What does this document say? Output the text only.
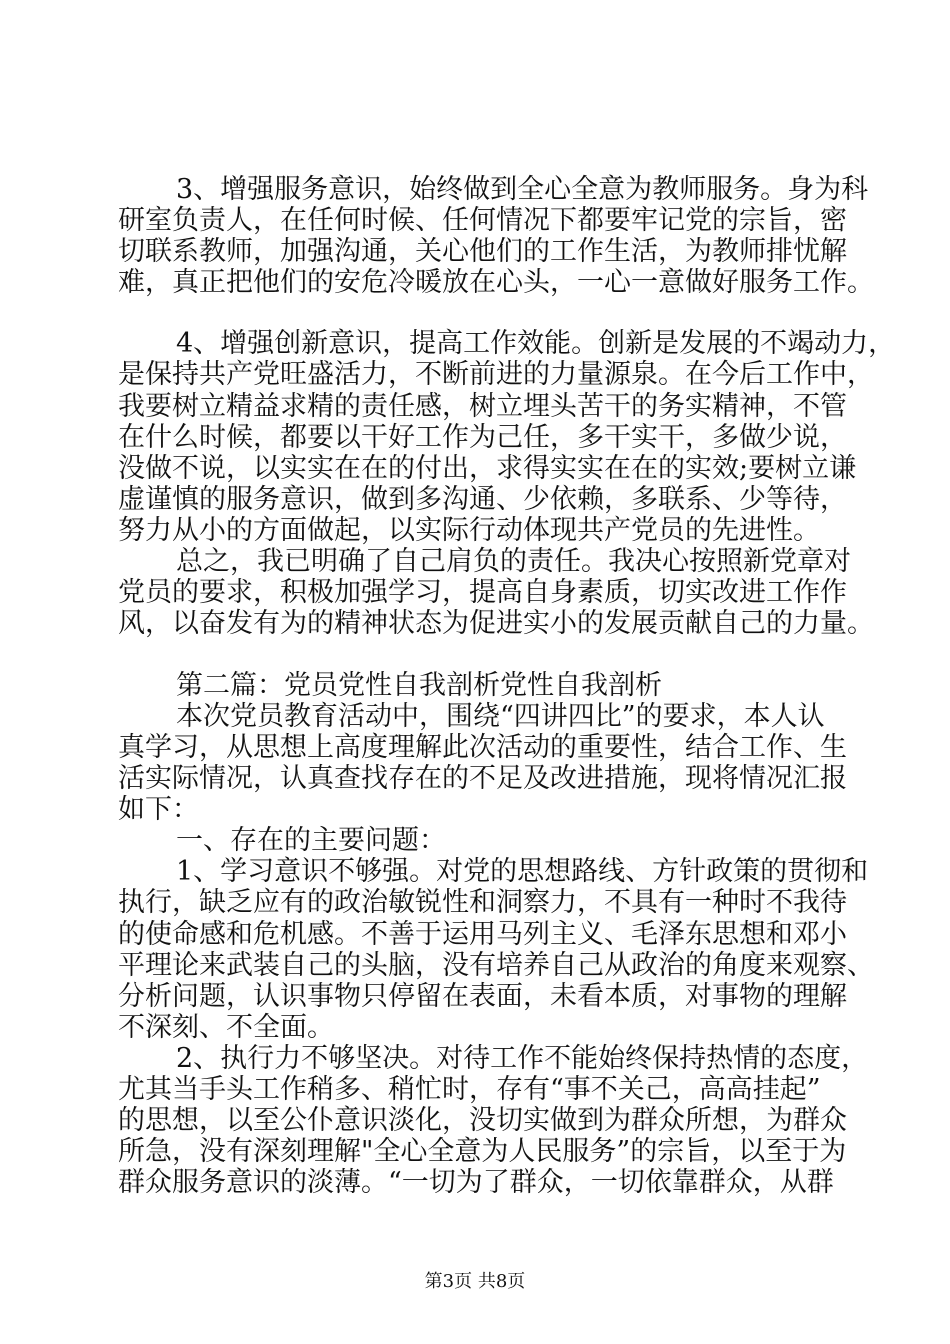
3、增强服务意识，始终做到全心全意为教师服务。身为科
研室负责人，在任何时候、任何情况下都要牢记党的宗旨，密
切联系教师，加强沟通，关心他们的工作生活，为教师排忧解
难，真正把他们的安危冷暖放在心头，一心一意做好服务工作。
4、增强创新意识，提高工作效能。创新是发展的不竭动力，
是保持共产党旺盛活力，不断前进的力量源泉。在今后工作中，
我要树立精益求精的责任感，树立埋头苦干的务实精神，不管
在什么时候，都要以干好工作为己任，多干实干，多做少说，
没做不说，以实实在在的付出，求得实实在在的实效;要树立谦
虚谨慎的服务意识，做到多沟通、少依赖，多联系、少等待，
努力从小的方面做起，以实际行动体现共产党员的先进性。
总之，我已明确了自己肩负的责任。我决心按照新党章对
党员的要求，积极加强学习，提高自身素质，切实改进工作作
风，以奋发有为的精神状态为促进实小的发展贡献自己的力量。
第二篇：党员党性自我剖析党性自我剖析
本次党员教育活动中，围绕“四讲四比”的要求，本人认
真学习，从思想上高度理解此次活动的重要性，结合工作、生
活实际情况，认真查找存在的不足及改进措施，现将情况汇报
如下：
一、存在的主要问题：
1、学习意识不够强。对党的思想路线、方针政策的贯彻和
执行，缺乏应有的政治敏锐性和洞察力，不具有一种时不我待
的使命感和危机感。不善于运用马列主义、毛泽东思想和邓小
平理论来武装自己的头脑，没有培养自己从政治的角度来观察、
分析问题，认识事物只停留在表面，未看本质，对事物的理解
不深刻、不全面。
2、执行力不够坚决。对待工作不能始终保持热情的态度，
尤其当手头工作稍多、稍忙时，存有“事不关己，高高挂起”
的思想，以至公仆意识淡化，没切实做到为群众所想，为群众
所急，没有深刻理解"全心全意为人民服务”的宗旨，以至于为
群众服务意识的淡薄。“一切为了群众，一切依靠群众，从群
第3页 共8页
